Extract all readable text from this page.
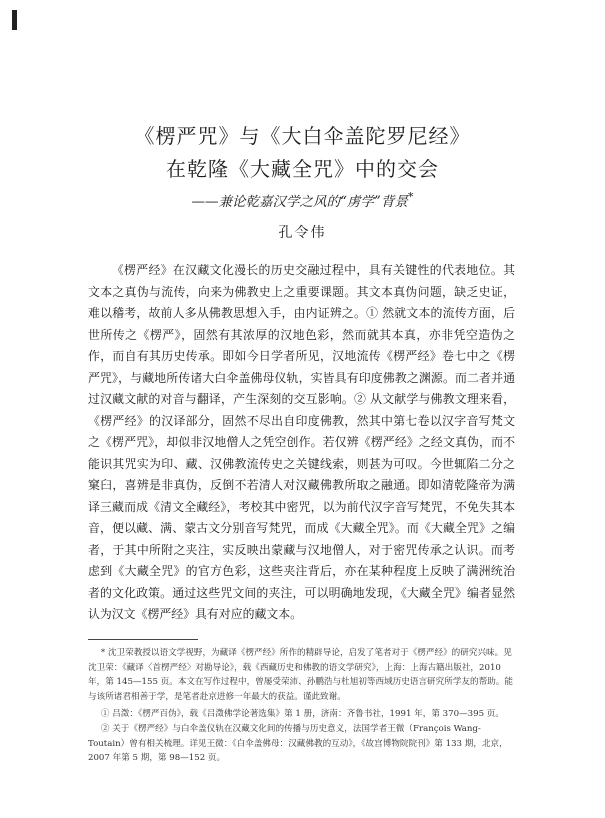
《楞严咒》与《大白伞盖陀罗尼经》
在乾隆《大藏全咒》中的交会
——兼论乾嘉汉学之风的“虏学”背景*
孔令伟

《楞严经》在汉藏文化漫长的历史交融过程中，具有关键性的代表地位。其文本之真伪与流传，向来为佛教史上之重要课题。其文本真伪问题，缺乏史证，难以稽考，故前人多从佛教思想入手，由内证辨之。① 然就文本的流传方面，后世所传之《楞严》，固然有其浓厚的汉地色彩，然而就其本真，亦非凭空造伪之作，而自有其历史传承。即如今日学者所见，汉地流传《楞严经》卷七中之《楞严咒》，与藏地所传诸大白伞盖佛母仪轨，实皆具有印度佛教之渊源。而二者并通过汉藏文献的对音与翻译，产生深刻的交互影响。② 从文献学与佛教文理来看，《楞严经》的汉译部分，固然不尽出自印度佛教，然其中第七卷以汉字音写梵文之《楞严咒》，却似非汉地僧人之凭空创作。若仅辨《楞严经》之经文真伪，而不能识其咒实为印、藏、汉佛教流传史之关键线索，则甚为可叹。今世辄陷二分之窠臼，喜辨是非真伪，反倒不若清人对汉藏佛教所取之融通。即如清乾隆帝为满译三藏而成《清文全藏经》，考校其中密咒，以为前代汉字音写梵咒，不免失其本音，便以藏、满、蒙古文分别音写梵咒，而成《大藏全咒》。而《大藏全咒》之编者，于其中所附之夹注，实反映出蒙藏与汉地僧人，对于密咒传承之认识。而考虑到《大藏全咒》的官方色彩，这些夹注背后，亦在某种程度上反映了满洲统治者的文化政策。通过这些咒文间的夹注，可以明确地发现，《大藏全咒》编者显然认为汉文《楞严经》具有对应的藏文本。

* 沈卫荣教授以语文学视野，为藏译《楞严经》所作的精辟导论，启发了笔者对于《楞严经》的研究兴味。见沈卫荣：《藏译〈首楞严经〉对勘导论》，载《西藏历史和佛教的语文学研究》，上海：上海古籍出版社，2010 年，第 145—155 页。本文在写作过程中，曾屡受荣沛、孙鹏浩与杜旭初等西域历史语言研究所学友的帮助。能与该所诸君相善于学，是笔者赴京进修一年最大的获益。谨此致谢。

① 吕澂：《楞严百伪》，载《吕澂佛学论著选集》第 1 册，济南：齐鲁书社，1991 年，第 370—395 页。

② 关于《楞严经》与白伞盖仪轨在汉藏文化间的传播与历史意义，法国学者王微（François Wang-Toutain）曾有相关梳理。详见王微：《白伞盖佛母：汉藏佛教的互动》，《故宫博物院院刊》第 133 期，北京，2007 年第 5 期，第 98—152 页。
